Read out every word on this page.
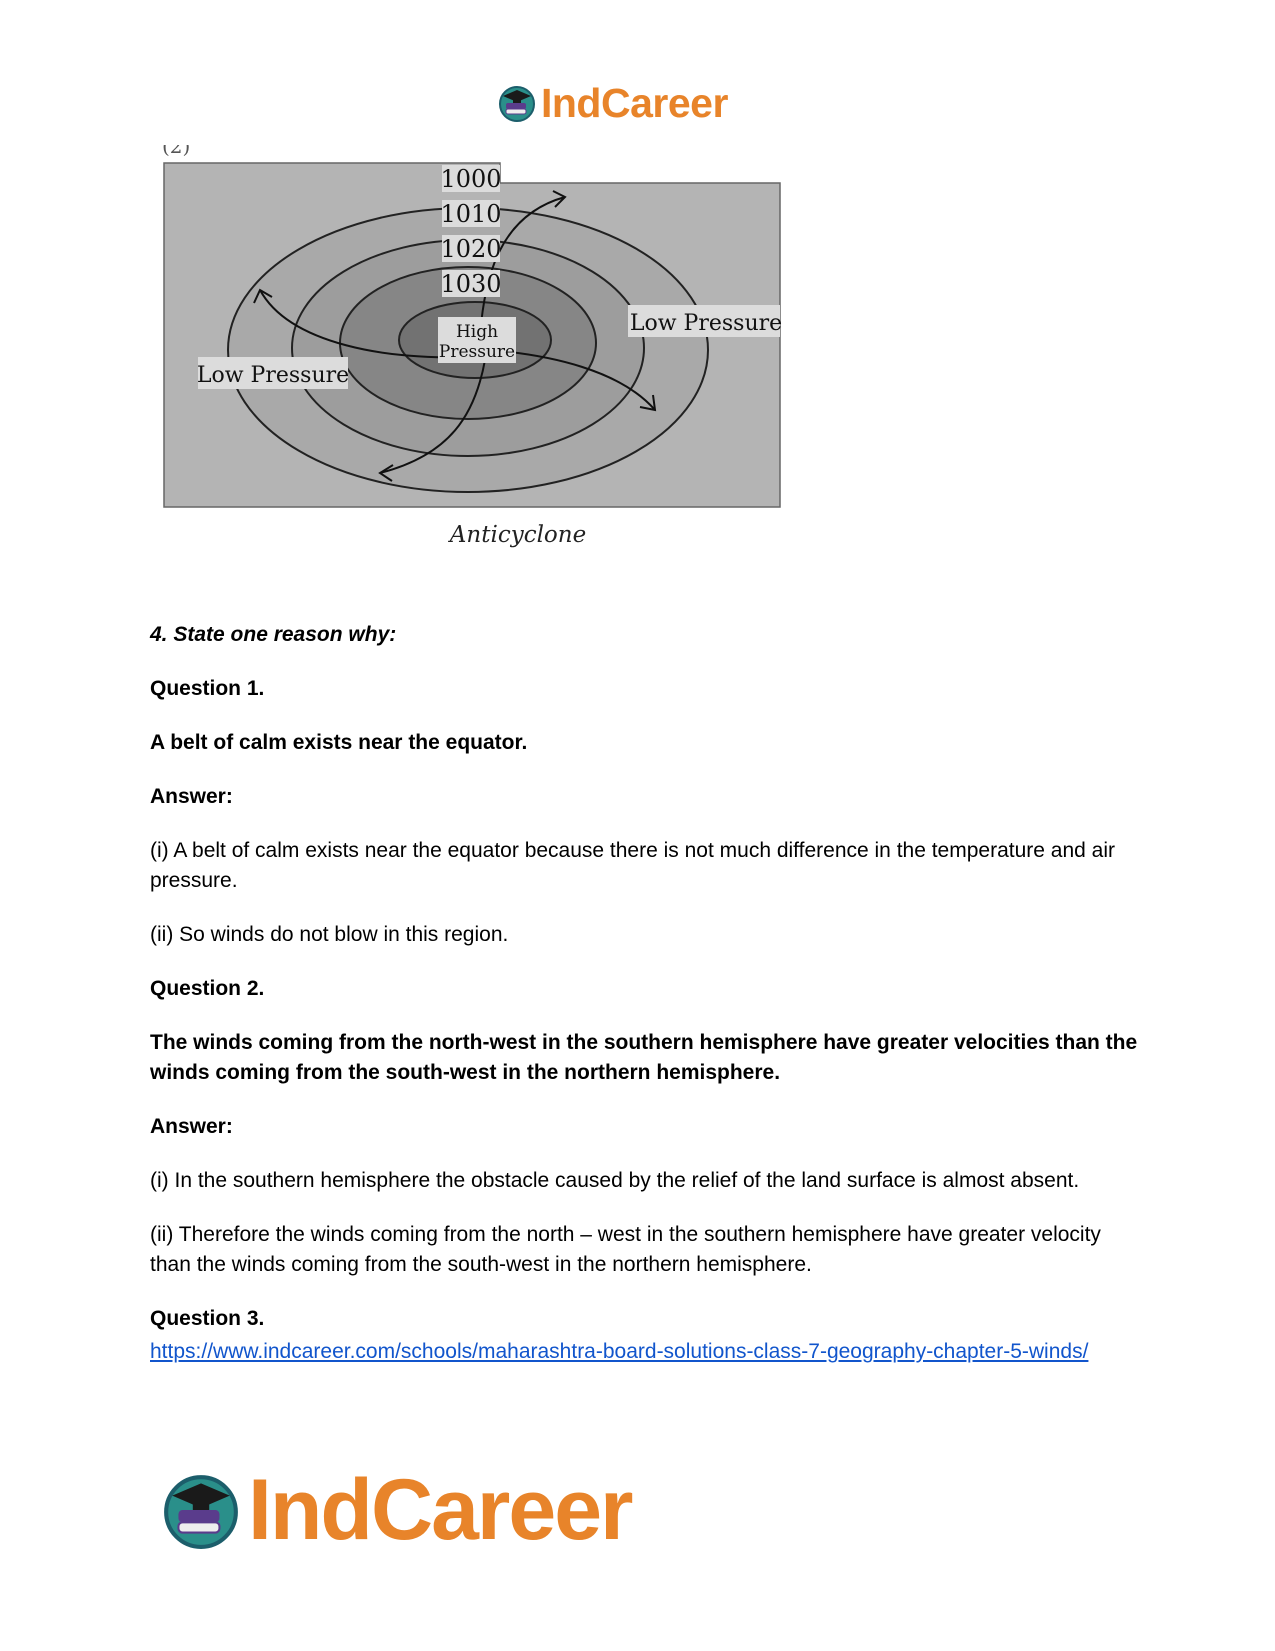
IndCareer
(2)
1000
1010
1020
1030
High
Pressure
Low Pressure
Low Pressure
Anticyclone

4. State one reason why:

Question 1.

A belt of calm exists near the equator.

Answer:

(i) A belt of calm exists near the equator because there is not much difference in the temperature and air pressure.

(ii) So winds do not blow in this region.

Question 2.

The winds coming from the north-west in the southern hemisphere have greater velocities than the winds coming from the south-west in the northern hemisphere.

Answer:

(i) In the southern hemisphere the obstacle caused by the relief of the land surface is almost absent.

(ii) Therefore the winds coming from the north – west in the southern hemisphere have greater velocity than the winds coming from the south-west in the northern hemisphere.

Question 3.

https://www.indcareer.com/schools/maharashtra-board-solutions-class-7-geography-chapter-5-winds/
IndCareer
